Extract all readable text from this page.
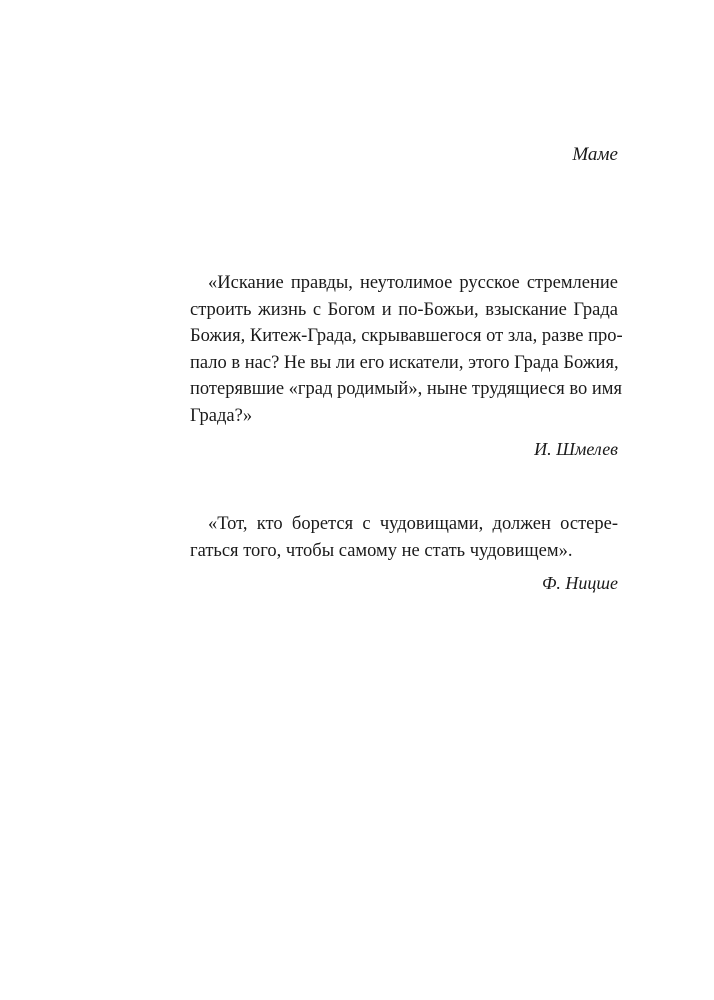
Маме

«Искание правды, неутолимое русское стремление
строить жизнь с Богом и по-Божьи, взыскание Града
Божия, Китеж-Града, скрывавшегося от зла, разве про-
пало в нас? Не вы ли его искатели, этого Града Божия,
потерявшие «град родимый», ныне трудящиеся во имя
Града?»

И. Шмелев

«Тот, кто борется с чудовищами, должен остере-
гаться того, чтобы самому не стать чудовищем».

Ф. Ницше
